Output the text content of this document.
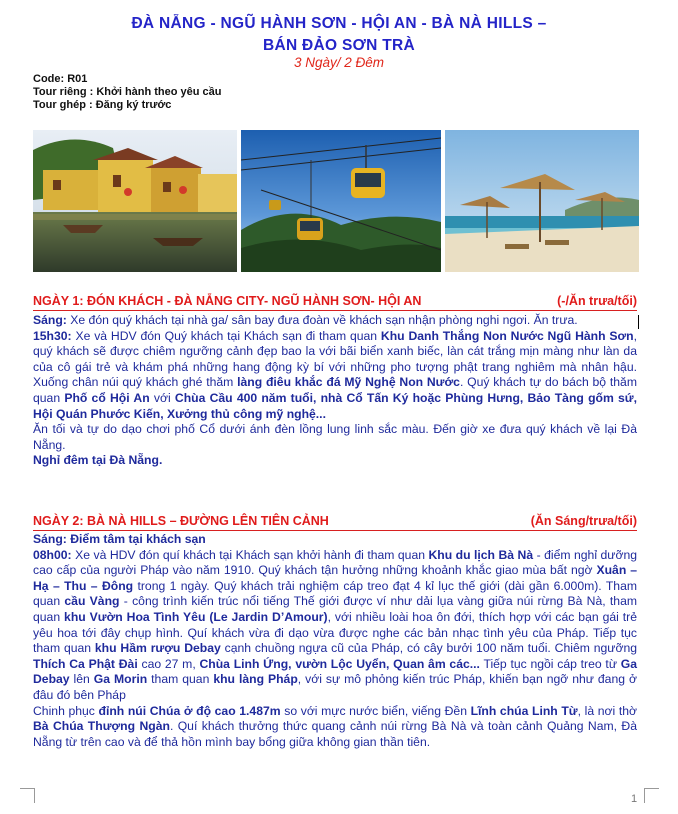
ĐÀ NẴNG - NGŨ HÀNH SƠN - HỘI AN - BÀ NÀ HILLS –
BÁN ĐẢO SƠN TRÀ
3 Ngày/ 2 Đêm
Code: R01
Tour riêng : Khởi hành theo yêu cầu
Tour ghép : Đăng ký trước
NGÀY 1: ĐÓN KHÁCH - ĐÀ NẴNG CITY- NGŨ HÀNH SƠN- HỘI AN	(-/Ăn trưa/tối)

Sáng: Xe đón quý khách tại nhà ga/ sân bay đưa đoàn về khách sạn nhận phòng nghi ngơi. Ăn trưa.

15h30: Xe và HDV đón Quý khách tại Khách sạn đi tham quan Khu Danh Thắng Non Nước Ngũ Hành Sơn, quý khách sẽ được chiêm ngưỡng cảnh đẹp bao la với bãi biển xanh biếc, làn cát trắng mịn màng như làn da của cô gái trẻ và khám phá những hang động kỳ bí với những pho tượng phật trang nghiêm mà nhân hậu. Xuống chân núi quý khách ghé thăm làng điêu khắc đá Mỹ Nghệ Non Nước. Quý khách tự do bách bộ thăm quan Phố cổ Hội An với Chùa Cầu 400 năm tuổi, nhà Cổ Tấn Ký hoặc Phùng Hưng, Bảo Tàng gốm sứ, Hội Quán Phước Kiến, Xưởng thủ công mỹ nghệ...

Ăn tối và tự do dạo chơi phố Cổ dưới ánh đèn lồng lung linh sắc màu. Đến giờ xe đưa quý khách về lại Đà Nẵng.

Nghỉ đêm tại Đà Nẵng.

NGÀY 2: BÀ NÀ HILLS – ĐƯỜNG LÊN TIÊN CẢNH	(Ăn Sáng/trưa/tối)

Sáng: Điểm tâm tại khách sạn

08h00: Xe và HDV đón quí khách tại Khách sạn khởi hành đi tham quan Khu du lịch Bà Nà - điểm nghỉ dưỡng cao cấp của người Pháp vào năm 1910. Quý khách tận hưởng những khoảnh khắc giao mùa bất ngờ Xuân – Hạ – Thu – Đông trong 1 ngày. Quý khách trải nghiệm cáp treo đạt 4 kỉ lục thế giới (dài gần 6.000m). Tham quan cầu Vàng - công trình kiến trúc nổi tiếng Thế giới được ví như dải lụa vàng giữa núi rừng Bà Nà, tham quan khu Vườn Hoa Tình Yêu (Le Jardin D’Amour), với nhiều loài hoa ôn đới, thích hợp với các bạn gái trẻ yêu hoa tới đây chụp hình. Quí khách vừa đi dạo vừa được nghe các bản nhạc tình yêu của Pháp. Tiếp tục tham quan khu Hầm rượu Debay cạnh chuồng ngựa cũ của Pháp, có cây bưởi 100 năm tuổi. Chiêm ngưỡng Thích Ca Phật Đài cao 27 m, Chùa Linh Ứng, vườn Lộc Uyển, Quan âm các... Tiếp tục ngồi cáp treo từ Ga Debay lên Ga Morin tham quan khu làng Pháp, với sự mô phỏng kiến trúc Pháp, khiến bạn ngỡ như đang ở đâu đó bên Pháp

Chinh phục đỉnh núi Chúa ở độ cao 1.487m so với mực nước biển, viếng Đền Lĩnh chúa Linh Từ, là nơi thờ Bà Chúa Thượng Ngàn. Quí khách thưởng thức quang cảnh núi rừng Bà Nà và toàn cảnh Quảng Nam, Đà Nẵng từ trên cao và để thả hồn mình bay bổng giữa không gian thần tiên.

1
